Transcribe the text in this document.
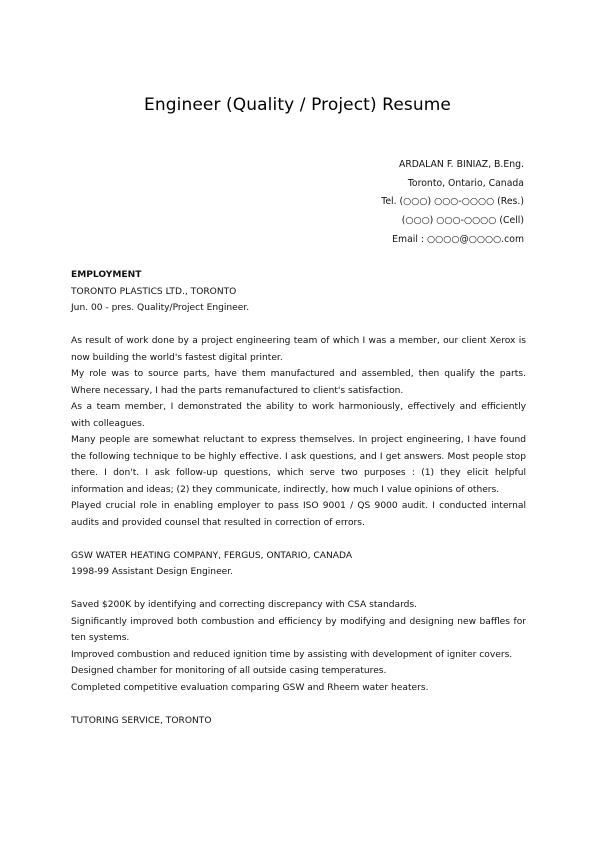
Engineer (Quality / Project) Resume
ARDALAN F. BINIAZ, B.Eng.
Toronto, Ontario, Canada
Tel. (○○○) ○○○-○○○○ (Res.)
(○○○) ○○○-○○○○ (Cell)
Email : ○○○○@○○○○.com

EMPLOYMENT

TORONTO PLASTICS LTD., TORONTO

Jun. 00 - pres. Quality/Project Engineer.

As result of work done by a project engineering team of which I was a member, our client Xerox is now building the world's fastest digital printer.

My role was to source parts, have them manufactured and assembled, then qualify the parts. Where necessary, I had the parts remanufactured to client's satisfaction.

As a team member, I demonstrated the ability to work harmoniously, effectively and efficiently with colleagues.

Many people are somewhat reluctant to express themselves. In project engineering, I have found the following technique to be highly effective. I ask questions, and I get answers. Most people stop there. I don't. I ask follow-up questions, which serve two purposes : (1) they elicit helpful information and ideas; (2) they communicate, indirectly, how much I value opinions of others.

Played crucial role in enabling employer to pass ISO 9001 / QS 9000 audit. I conducted internal audits and provided counsel that resulted in correction of errors.

GSW WATER HEATING COMPANY, FERGUS, ONTARIO, CANADA

1998-99 Assistant Design Engineer.

Saved $200K by identifying and correcting discrepancy with CSA standards.

Significantly improved both combustion and efficiency by modifying and designing new baffles for ten systems.

Improved combustion and reduced ignition time by assisting with development of igniter covers.

Designed chamber for monitoring of all outside casing temperatures.

Completed competitive evaluation comparing GSW and Rheem water heaters.

TUTORING SERVICE, TORONTO
